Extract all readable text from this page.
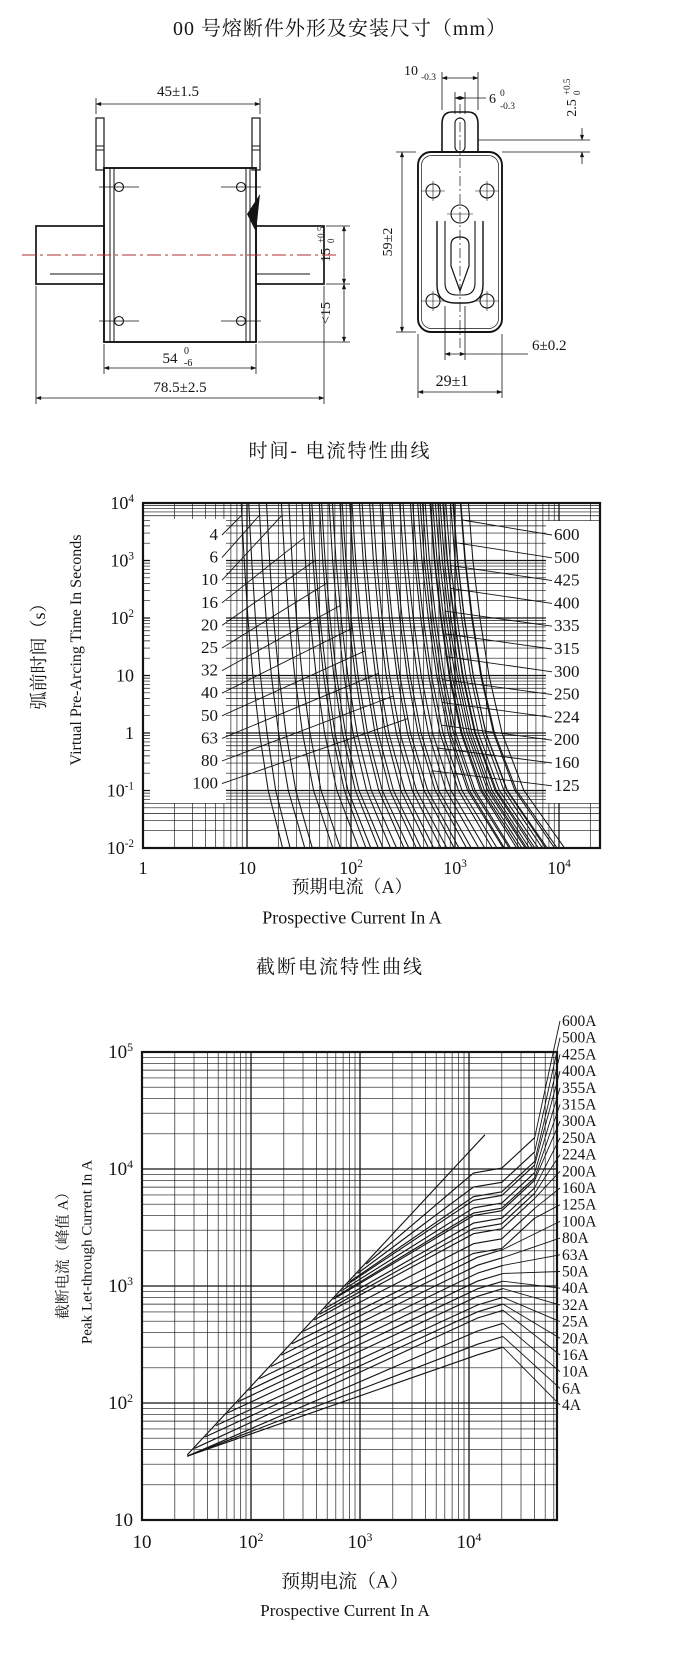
00 号熔断件外形及安装尺寸（mm）
45±1.5
54 0
-6
78.5±2.5
15
+0.5 0
<15
10 -0.3
6 0
-0.3	2.5
+0.5 0
59±2
6±0.2
29±1
时间- 电流特性曲线
4
6
10
16
20
25
32
40
50
63
80
100
600
500
425
400
335
315
300
250
224
200
160
125
1	10	$10^2$	$10^3$	$10^4$
$10^4$
$10^3$
$10^2$
10
1
$10^{-1}$
$10^{-2}$
弧前时间（s） Virtual Pre-Arcing Time In Seconds
预期电流（A）
Prospective Current In A
截断电流特性曲线
600A
500A
425A
400A
355A
315A
300A
250A
224A
200A
160A
125A
100A
80A
63A
50A
40A
32A
25A
20A
16A
10A
6A
4A
10	$10^2$	$10^3$	$10^4$
$10^5$
$10^4$
$10^3$
$10^2$
10
截断电流（峰值 A） Peak Let-through Current In A
预期电流（A）
Prospective Current In A
